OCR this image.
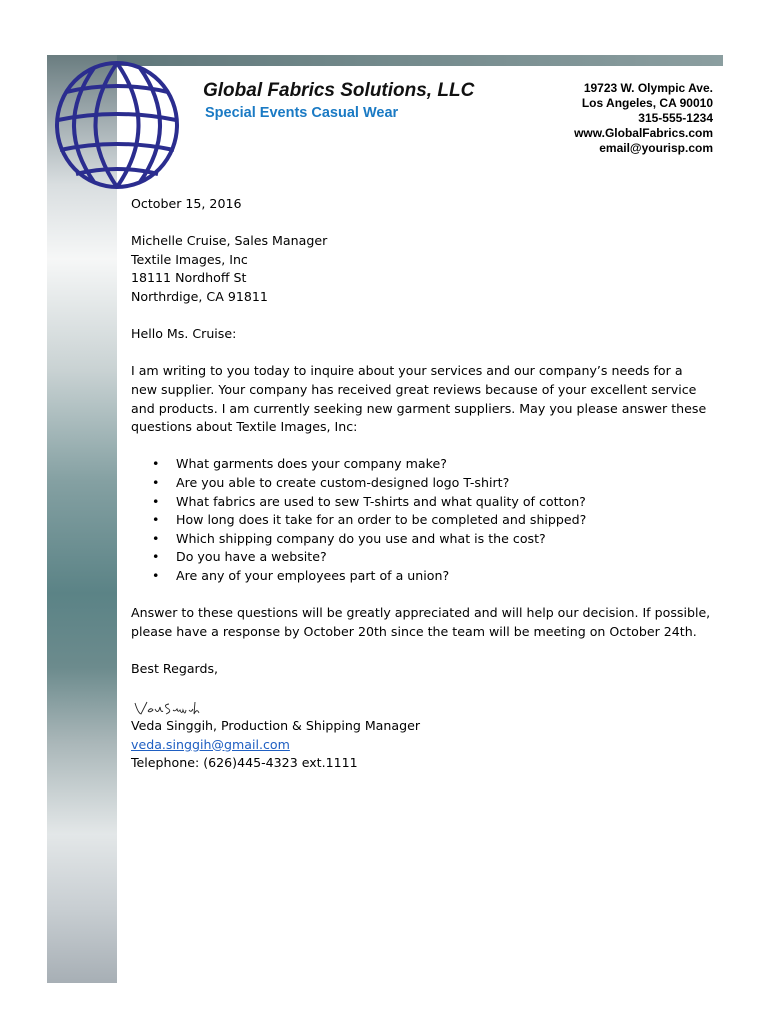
Global Fabrics Solutions, LLC
Special Events Casual Wear
19723 W. Olympic Ave.
Los Angeles, CA 90010
315-555-1234
www.GlobalFabrics.com
email@yourisp.com

October 15, 2016

Michelle Cruise, Sales Manager

Textile Images, Inc

18111 Nordhoff St

Northrdige, CA 91811

Hello Ms. Cruise:

I am writing to you today to inquire about your services and our company’s needs for a new supplier. Your company has received great reviews because of your excellent service and products. I am currently seeking new garment suppliers. May you please answer these questions about Textile Images, Inc:

• What garments does your company make?
• Are you able to create custom-designed logo T-shirt?
• What fabrics are used to sew T-shirts and what quality of cotton?
• How long does it take for an order to be completed and shipped?
• Which shipping company do you use and what is the cost?
• Do you have a website?
• Are any of your employees part of a union?

Answer to these questions will be greatly appreciated and will help our decision. If possible, please have a response by October 20th since the team will be meeting on October 24th.

Best Regards,

Veda Singgih, Production & Shipping Manager

veda.singgih@gmail.com

Telephone: (626)445-4323 ext.1111
